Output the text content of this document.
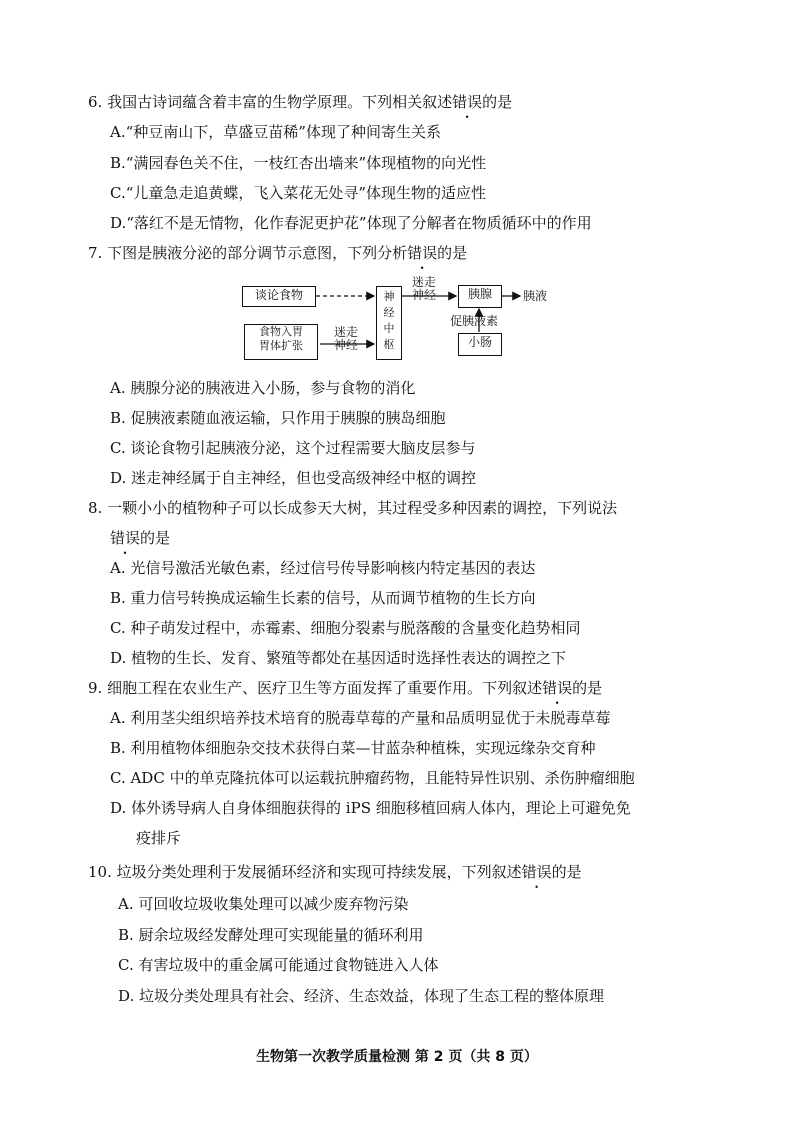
6. 我国古诗词蕴含着丰富的生物学原理。下列相关叙述错误的是
A.“种豆南山下，草盛豆苗稀”体现了种间寄生关系
B.“满园春色关不住，一枝红杏出墙来”体现植物的向光性
C.“儿童急走追黄蝶，飞入菜花无处寻”体现生物的适应性
D.“落红不是无情物，化作春泥更护花”体现了分解者在物质循环中的作用
7. 下图是胰液分泌的部分调节示意图，下列分析错误的是
谈论食物
食物入胃
胃体扩张
神
经
中
枢
迷走
神经
迷走
神经
胰腺	胰液
促胰液素
小肠
A. 胰腺分泌的胰液进入小肠，参与食物的消化
B. 促胰液素随血液运输，只作用于胰腺的胰岛细胞
C. 谈论食物引起胰液分泌，这个过程需要大脑皮层参与
D. 迷走神经属于自主神经，但也受高级神经中枢的调控
8. 一颗小小的植物种子可以长成参天大树，其过程受多种因素的调控，下列说法
错误的是
A. 光信号激活光敏色素，经过信号传导影响核内特定基因的表达
B. 重力信号转换成运输生长素的信号，从而调节植物的生长方向
C. 种子萌发过程中，赤霉素、细胞分裂素与脱落酸的含量变化趋势相同
D. 植物的生长、发育、繁殖等都处在基因适时选择性表达的调控之下
9. 细胞工程在农业生产、医疗卫生等方面发挥了重要作用。下列叙述错误的是
A. 利用茎尖组织培养技术培育的脱毒草莓的产量和品质明显优于未脱毒草莓
B. 利用植物体细胞杂交技术获得白菜—甘蓝杂种植株，实现远缘杂交育种
C. ADC 中的单克隆抗体可以运载抗肿瘤药物，且能特异性识别、杀伤肿瘤细胞
D. 体外诱导病人自身体细胞获得的 iPS 细胞移植回病人体内，理论上可避免免
疫排斥
10. 垃圾分类处理利于发展循环经济和实现可持续发展，下列叙述错误的是
A. 可回收垃圾收集处理可以减少废弃物污染
B. 厨余垃圾经发酵处理可实现能量的循环利用
C. 有害垃圾中的重金属可能通过食物链进入人体
D. 垃圾分类处理具有社会、经济、生态效益，体现了生态工程的整体原理
生物第一次教学质量检测 第 2 页（共 8 页）
